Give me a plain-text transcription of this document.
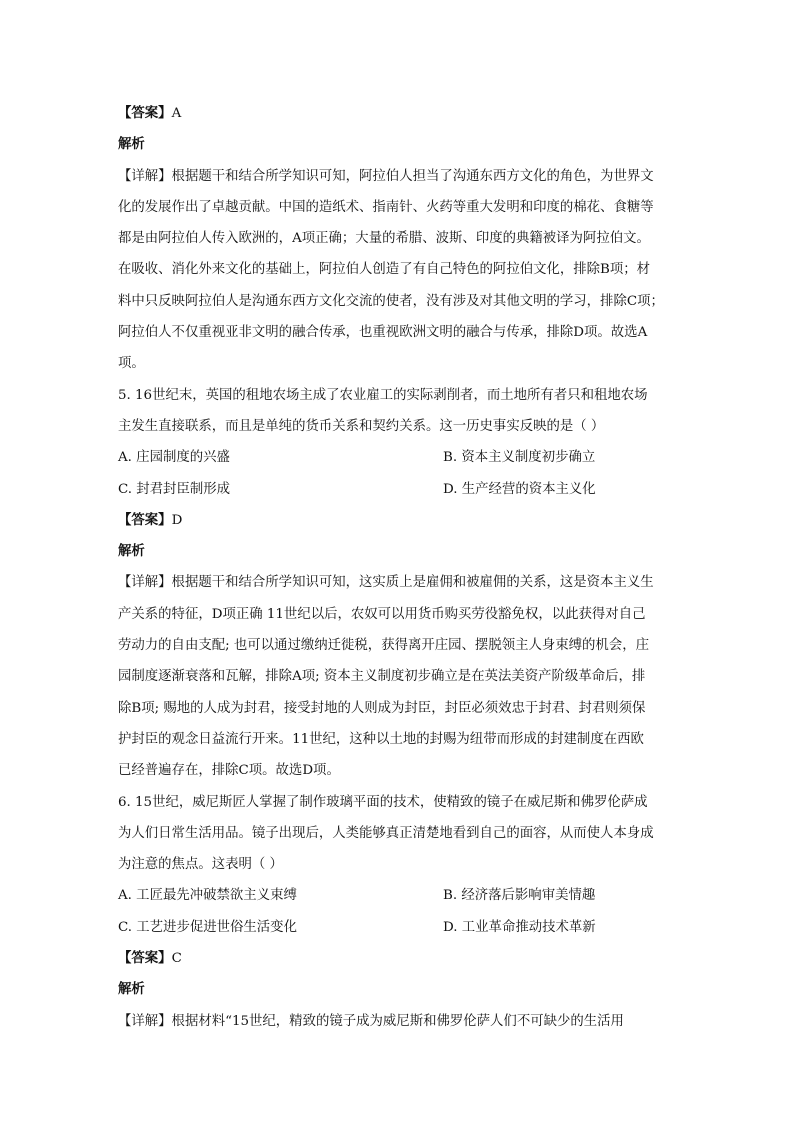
【答案】A
解析
【详解】根据题干和结合所学知识可知，阿拉伯人担当了沟通东西方文化的角色，为世界文
化的发展作出了卓越贡献。中国的造纸术、指南针、火药等重大发明和印度的棉花、食糖等
都是由阿拉伯人传入欧洲的，A项正确；大量的希腊、波斯、印度的典籍被译为阿拉伯文。
在吸收、消化外来文化的基础上，阿拉伯人创造了有自己特色的阿拉伯文化，排除B项；材
料中只反映阿拉伯人是沟通东西方文化交流的使者，没有涉及对其他文明的学习，排除C项；
阿拉伯人不仅重视亚非文明的融合传承，也重视欧洲文明的融合与传承，排除D项。故选A
项。
5. 16世纪末，英国的租地农场主成了农业雇工的实际剥削者，而土地所有者只和租地农场
主发生直接联系，而且是单纯的货币关系和契约关系。这一历史事实反映的是（ ）
A. 庄园制度的兴盛	B. 资本主义制度初步确立
C. 封君封臣制形成	D. 生产经营的资本主义化
【答案】D
解析
【详解】根据题干和结合所学知识可知，这实质上是雇佣和被雇佣的关系，这是资本主义生
产关系的特征，D项正确 11世纪以后，农奴可以用货币购买劳役豁免权，以此获得对自己
劳动力的自由支配; 也可以通过缴纳迁徙税，获得离开庄园、摆脱领主人身束缚的机会，庄
园制度逐渐衰落和瓦解，排除A项; 资本主义制度初步确立是在英法美资产阶级革命后，排
除B项; 赐地的人成为封君，接受封地的人则成为封臣，封臣必须效忠于封君、封君则须保
护封臣的观念日益流行开来。11世纪，这种以土地的封赐为纽带而形成的封建制度在西欧
已经普遍存在，排除C项。故选D项。
6. 15世纪，威尼斯匠人掌握了制作玻璃平面的技术，使精致的镜子在威尼斯和佛罗伦萨成
为人们日常生活用品。镜子出现后，人类能够真正清楚地看到自己的面容，从而使人本身成
为注意的焦点。这表明（ ）
A. 工匠最先冲破禁欲主义束缚	B. 经济落后影响审美情趣
C. 工艺进步促进世俗生活变化	D. 工业革命推动技术革新
【答案】C
解析
【详解】根据材料“15世纪，精致的镜子成为威尼斯和佛罗伦萨人们不可缺少的生活用
